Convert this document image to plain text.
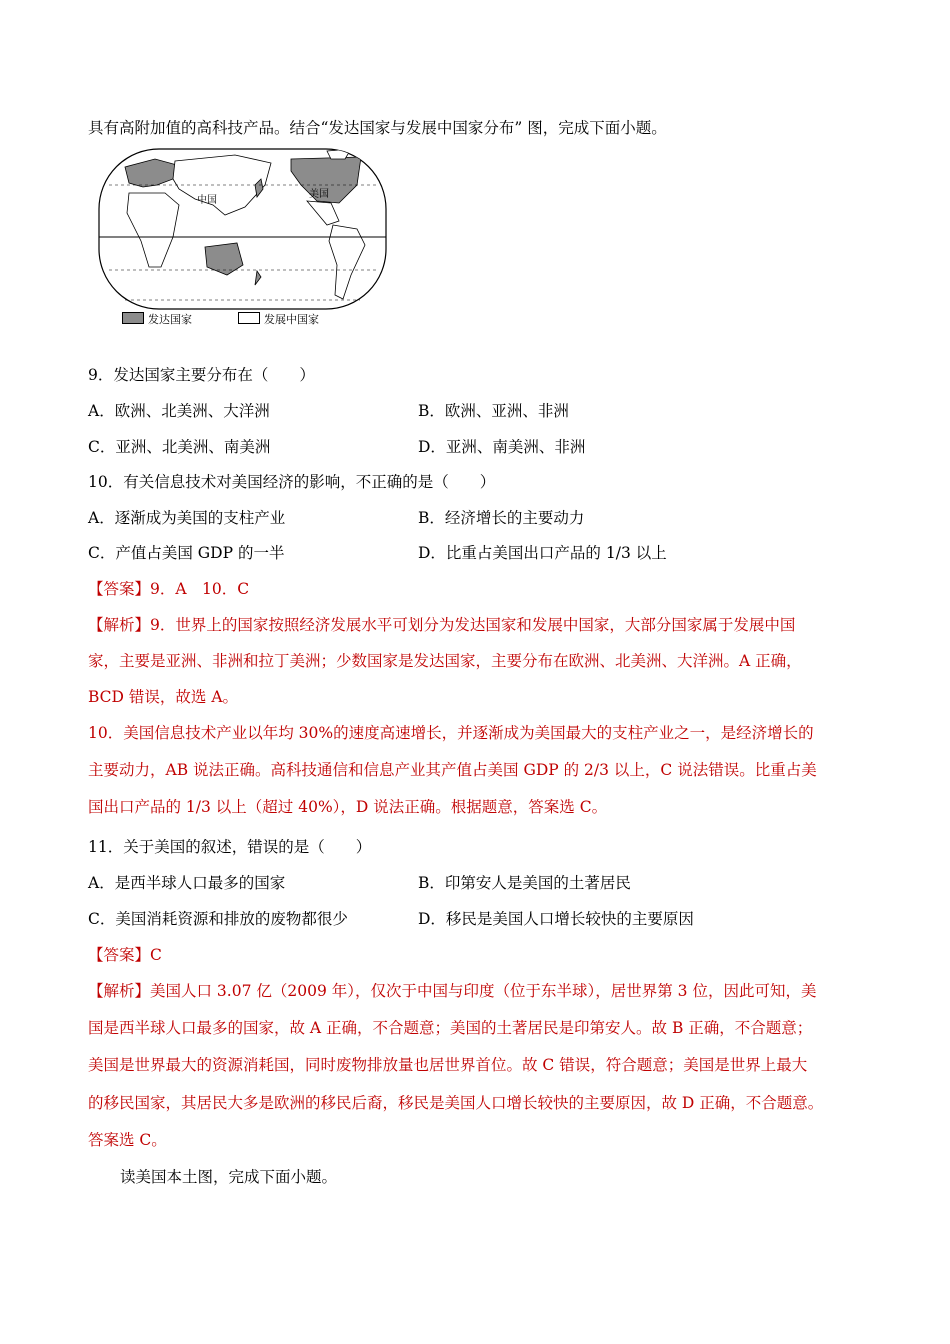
具有高附加值的高科技产品。结合“发达国家与发展中国家分布” 图，完成下面小题。
中国
美国
发达国家	发展中国家
9．发达国家主要分布在（　　）
A．欧洲、北美洲、大洋洲	B．欧洲、亚洲、非洲
C．亚洲、北美洲、南美洲	D．亚洲、南美洲、非洲
10．有关信息技术对美国经济的影响，不正确的是（　　）
A．逐渐成为美国的支柱产业	B．经济增长的主要动力
C．产值占美国 GDP 的一半	D．比重占美国出口产品的 1/3 以上
【答案】9．A　10．C
【解析】9．世界上的国家按照经济发展水平可划分为发达国家和发展中国家，大部分国家属于发展中国
家，主要是亚洲、非洲和拉丁美洲；少数国家是发达国家，主要分布在欧洲、北美洲、大洋洲。A 正确，
BCD 错误，故选 A。
10．美国信息技术产业以年均 30%的速度高速增长，并逐渐成为美国最大的支柱产业之一，是经济增长的
主要动力，AB 说法正确。高科技通信和信息产业其产值占美国 GDP 的 2/3 以上，C 说法错误。比重占美
国出口产品的 1/3 以上（超过 40%），D 说法正确。根据题意，答案选 C。
11．关于美国的叙述，错误的是（　　）
A．是西半球人口最多的国家	B．印第安人是美国的土著居民
C．美国消耗资源和排放的废物都很少	D．移民是美国人口增长较快的主要原因
【答案】C
【解析】美国人口 3.07 亿（2009 年），仅次于中国与印度（位于东半球），居世界第 3 位，因此可知，美
国是西半球人口最多的国家，故 A 正确，不合题意；美国的土著居民是印第安人。故 B 正确，不合题意；
美国是世界最大的资源消耗国，同时废物排放量也居世界首位。故 C 错误，符合题意；美国是世界上最大
的移民国家，其居民大多是欧洲的移民后裔，移民是美国人口增长较快的主要原因，故 D 正确，不合题意。
答案选 C。
读美国本土图，完成下面小题。
